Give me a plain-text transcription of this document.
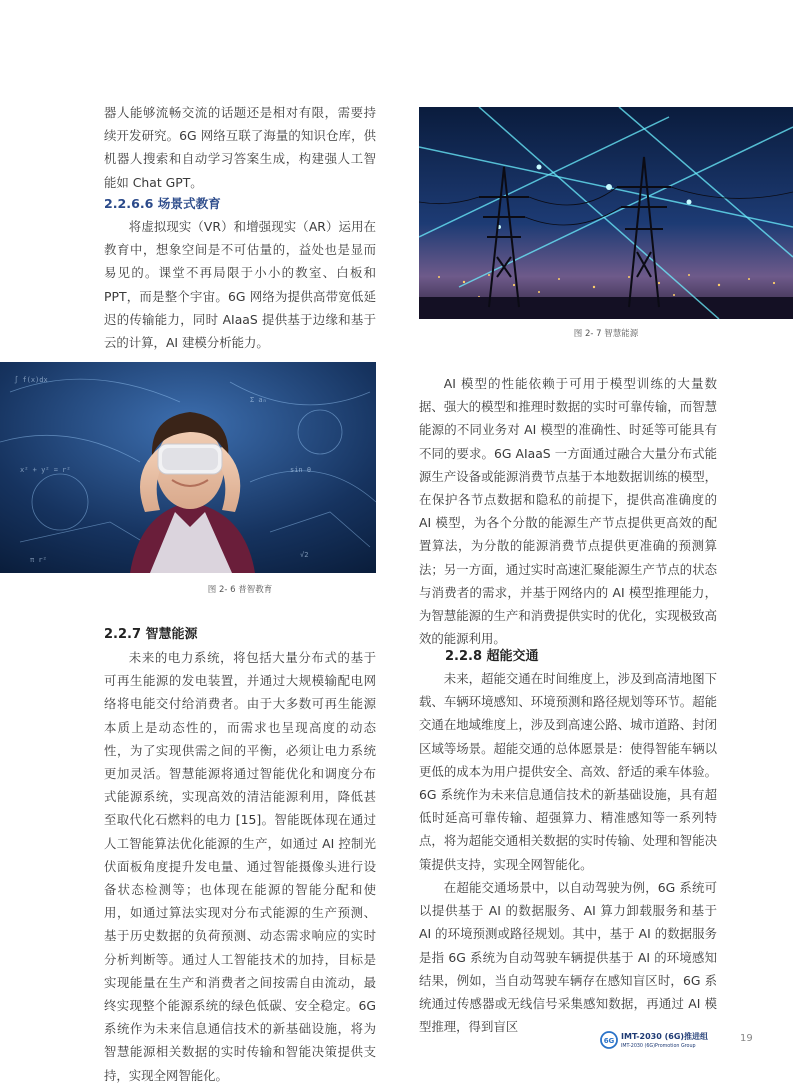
器人能够流畅交流的话题还是相对有限，需要持续开发研究。6G 网络互联了海量的知识仓库，供机器人搜索和自动学习答案生成，构建强人工智能如 Chat GPT。

2.2.6.6 场景式教育

将虚拟现实（VR）和增强现实（AR）运用在教育中，想象空间是不可估量的，益处也是显而易见的。课堂不再局限于小小的教室、白板和 PPT，而是整个宇宙。6G 网络为提供高带宽低延迟的传输能力，同时 AIaaS 提供基于边缘和基于云的计算，AI 建模分析能力。

∫ f(x)dx
Σ aₙ
x² + y² = r²	sin θ
π r²
√2

图 2- 6 普智教育

2.2.7 智慧能源

未来的电力系统，将包括大量分布式的基于可再生能源的发电装置，并通过大规模输配电网络将电能交付给消费者。由于大多数可再生能源本质上是动态性的，而需求也呈现高度的动态性，为了实现供需之间的平衡，必须让电力系统更加灵活。智慧能源将通过智能优化和调度分布式能源系统，实现高效的清洁能源利用，降低甚至取代化石燃料的电力 [15]。智能既体现在通过人工智能算法优化能源的生产，如通过 AI 控制光伏面板角度提升发电量、通过智能摄像头进行设备状态检测等；也体现在能源的智能分配和使用，如通过算法实现对分布式能源的生产预测、基于历史数据的负荷预测、动态需求响应的实时分析判断等。通过人工智能技术的加持，目标是实现能量在生产和消费者之间按需自由流动，最终实现整个能源系统的绿色低碳、安全稳定。6G 系统作为未来信息通信技术的新基础设施，将为智慧能源相关数据的实时传输和智能决策提供支持，实现全网智能化。

图 2- 7 智慧能源

AI 模型的性能依赖于可用于模型训练的大量数据、强大的模型和推理时数据的实时可靠传输，而智慧能源的不同业务对 AI 模型的准确性、时延等可能具有不同的要求。6G AIaaS 一方面通过融合大量分布式能源生产设备或能源消费节点基于本地数据训练的模型，在保护各节点数据和隐私的前提下，提供高准确度的 AI 模型，为各个分散的能源生产节点提供更高效的配置算法，为分散的能源消费节点提供更准确的预测算法；另一方面，通过实时高速汇聚能源生产节点的状态与消费者的需求，并基于网络内的 AI 模型推理能力，为智慧能源的生产和消费提供实时的优化，实现极致高效的能源利用。

2.2.8 超能交通

未来，超能交通在时间维度上，涉及到高清地图下载、车辆环境感知、环境预测和路径规划等环节。超能交通在地域维度上，涉及到高速公路、城市道路、封闭区域等场景。超能交通的总体愿景是：使得智能车辆以更低的成本为用户提供安全、高效、舒适的乘车体验。6G 系统作为未来信息通信技术的新基础设施，具有超低时延高可靠传输、超强算力、精准感知等一系列特点，将为超能交通相关数据的实时传输、处理和智能决策提供支持，实现全网智能化。

在超能交通场景中，以自动驾驶为例，6G 系统可以提供基于 AI 的数据服务、AI 算力卸载服务和基于 AI 的环境预测或路径规划。其中，基于 AI 的数据服务是指 6G 系统为自动驾驶车辆提供基于 AI 的环境感知结果，例如，当自动驾驶车辆存在感知盲区时，6G 系统通过传感器或无线信号采集感知数据，再通过 AI 模型推理，得到盲区

6G IMT-2030 (6G)推进组
IMT-2030 (6G)Promotion Group
19
